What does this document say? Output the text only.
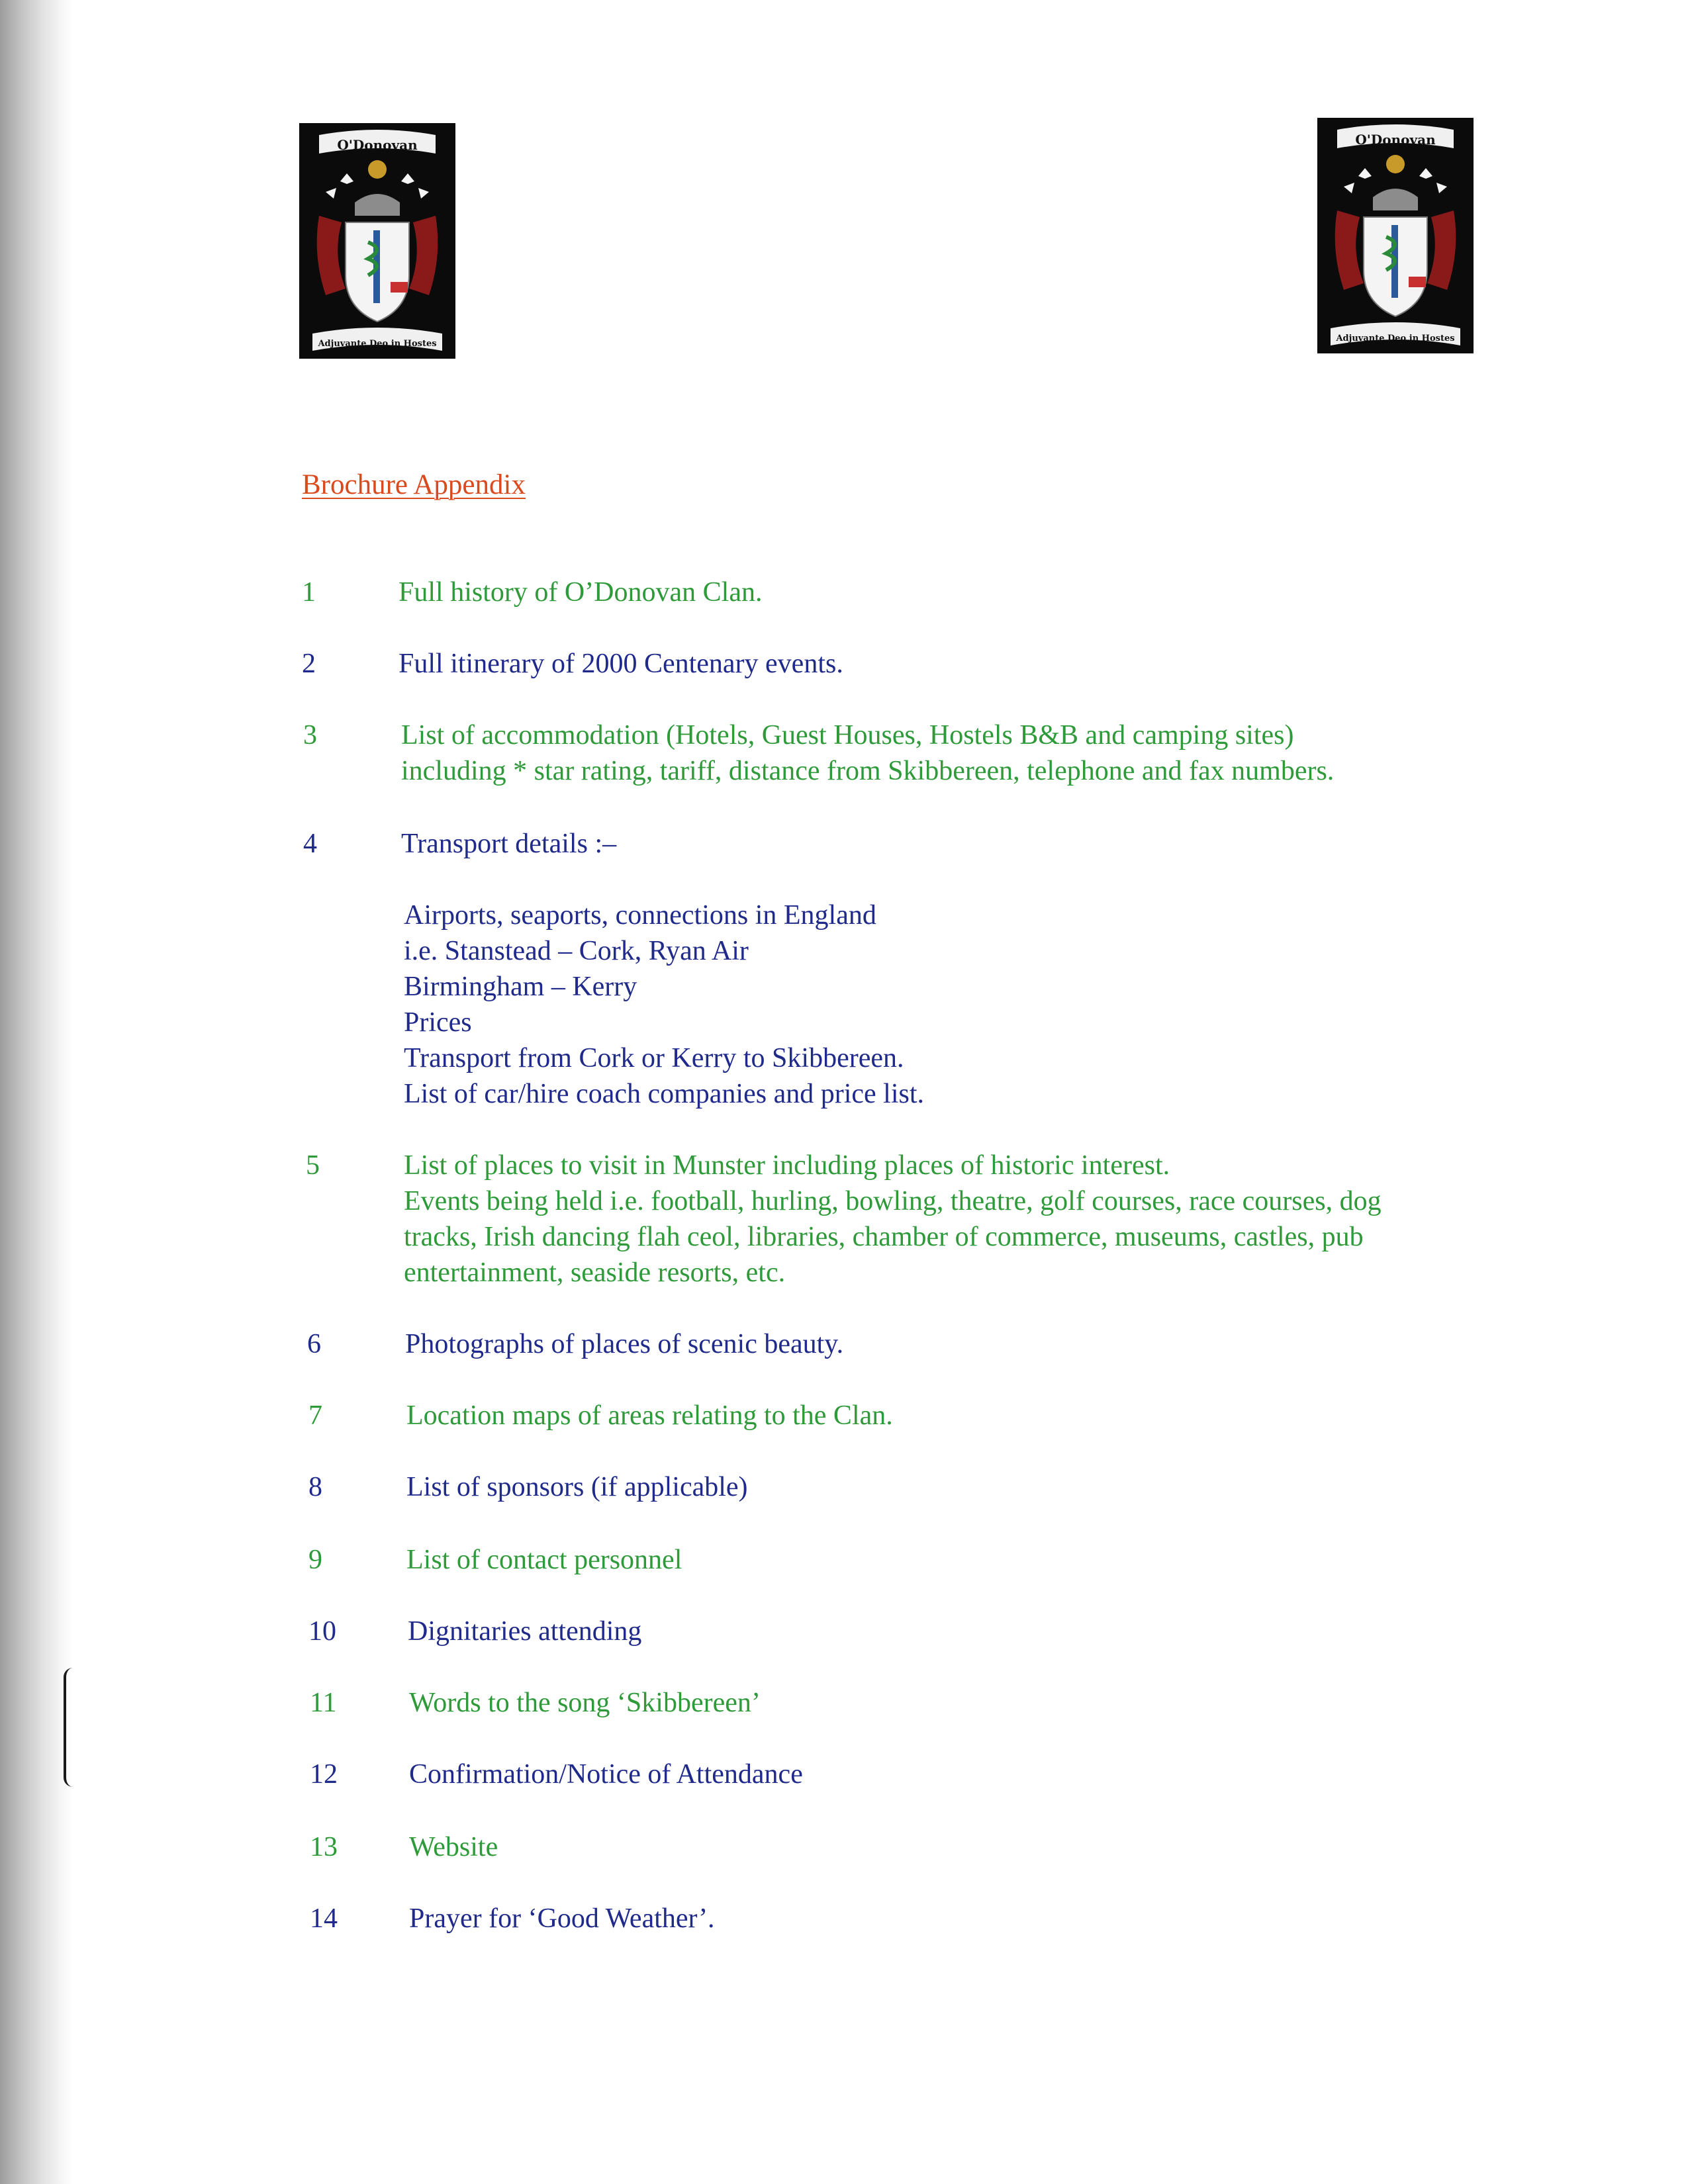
O'Donovan
Adjuvante Deo in Hostes
O'Donovan
Adjuvante Deo in Hostes
Brochure Appendix
1	Full history of O’Donovan Clan.
2	Full itinerary of 2000 Centenary events.
3	List of accommodation (Hotels, Guest Houses, Hostels B&B and camping sites)
including * star rating, tariff, distance from Skibbereen, telephone and fax numbers.
4	Transport details :–
Airports, seaports, connections in England
i.e. Stanstead – Cork, Ryan Air
Birmingham – Kerry
Prices
Transport from Cork or Kerry to Skibbereen.
List of car/hire coach companies and price list.
5	List of places to visit in Munster including places of historic interest.
Events being held i.e. football, hurling, bowling, theatre, golf courses, race courses, dog
tracks, Irish dancing flah ceol, libraries, chamber of commerce, museums, castles, pub
entertainment, seaside resorts, etc.
6	Photographs of places of scenic beauty.
7	Location maps of areas relating to the Clan.
8	List of sponsors (if applicable)
9	List of contact personnel
10	Dignitaries attending
11	Words to the song ‘Skibbereen’
12	Confirmation/Notice of Attendance
13	Website
14	Prayer for ‘Good Weather’.
